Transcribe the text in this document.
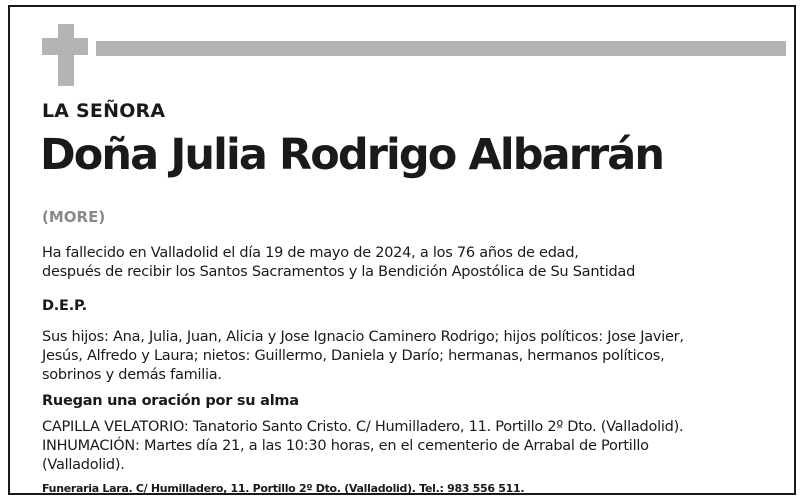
LA SEÑORA
Doña Julia Rodrigo Albarrán
(MORE)
Ha fallecido en Valladolid el día 19 de mayo de 2024, a los 76 años de edad,
después de recibir los Santos Sacramentos y la Bendición Apostólica de Su Santidad
D.E.P.
Sus hijos: Ana, Julia, Juan, Alicia y Jose Ignacio Caminero Rodrigo; hijos políticos: Jose Javier,
Jesús, Alfredo y Laura; nietos: Guillermo, Daniela y Darío; hermanas, hermanos políticos,
sobrinos y demás familia.
Ruegan una oración por su alma
CAPILLA VELATORIO: Tanatorio Santo Cristo. C/ Humilladero, 11. Portillo 2º Dto. (Valladolid).
INHUMACIÓN: Martes día 21, a las 10:30 horas, en el cementerio de Arrabal de Portillo
(Valladolid).
Funeraria Lara. C/ Humilladero, 11. Portillo 2º Dto. (Valladolid). Tel.: 983 556 511.
